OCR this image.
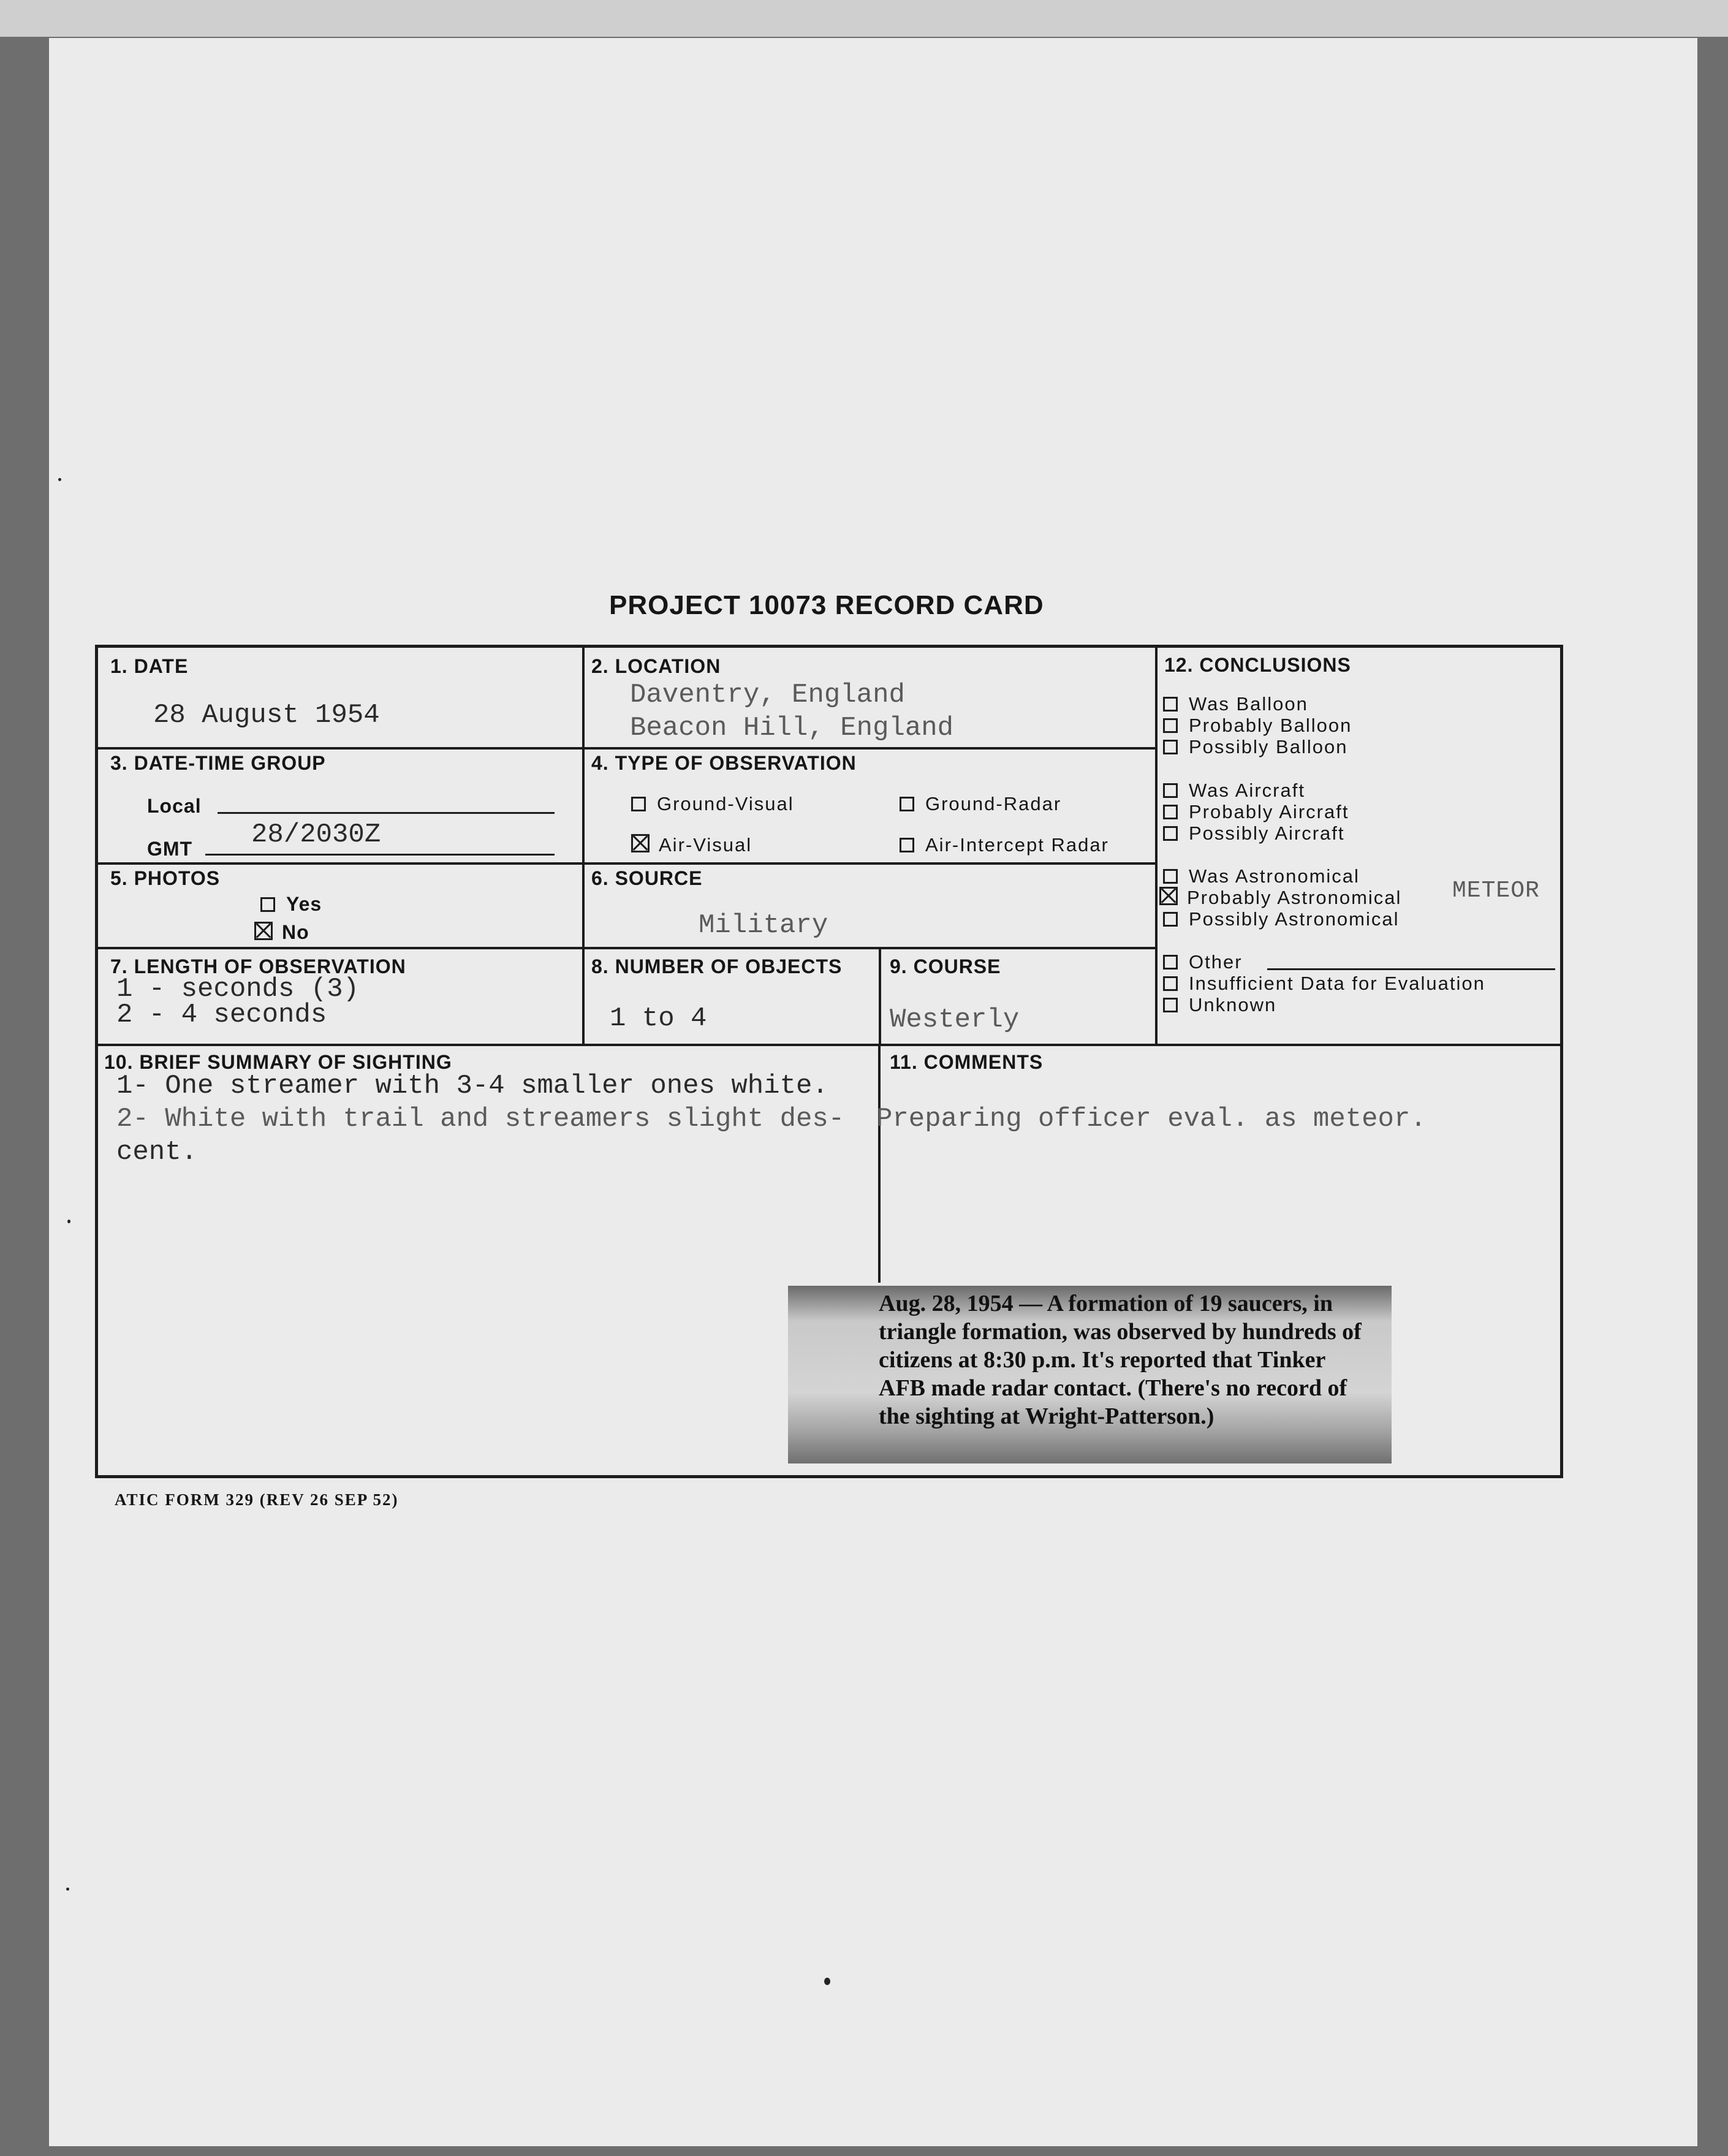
PROJECT 10073 RECORD CARD
1. DATE
28 August 1954
2. LOCATION
Daventry, England
Beacon Hill, England
3. DATE-TIME GROUP
Local
GMT 28/2030Z
4. TYPE OF OBSERVATION
Ground-Visual	Ground-Radar
Air-Visual	Air-Intercept Radar
5. PHOTOS
Yes
No
6. SOURCE
Military
7. LENGTH OF OBSERVATION
1 - seconds (3)
2 - 4 seconds
8. NUMBER OF OBJECTS
1 to 4
9. COURSE
Westerly
12. CONCLUSIONS
10. BRIEF SUMMARY OF SIGHTING
1- One streamer with 3-4 smaller ones white.
2- White with trail and streamers slight des-
cent.
11. COMMENTS
Preparing officer eval. as meteor.
Was Balloon
Probably Balloon
Possibly Balloon
Was Aircraft
Probably Aircraft
Possibly Aircraft
Was Astronomical
Probably Astronomical METEOR
Possibly Astronomical
Other
Insufficient Data for Evaluation
Unknown

Aug. 28, 1954 — A formation of 19 saucers, in triangle formation, was observed by hundreds of citizens at 8:30 p.m. It's reported that Tinker AFB made radar contact. (There's no record of the sighting at Wright-Patterson.)

ATIC FORM 329 (REV 26 SEP 52)
